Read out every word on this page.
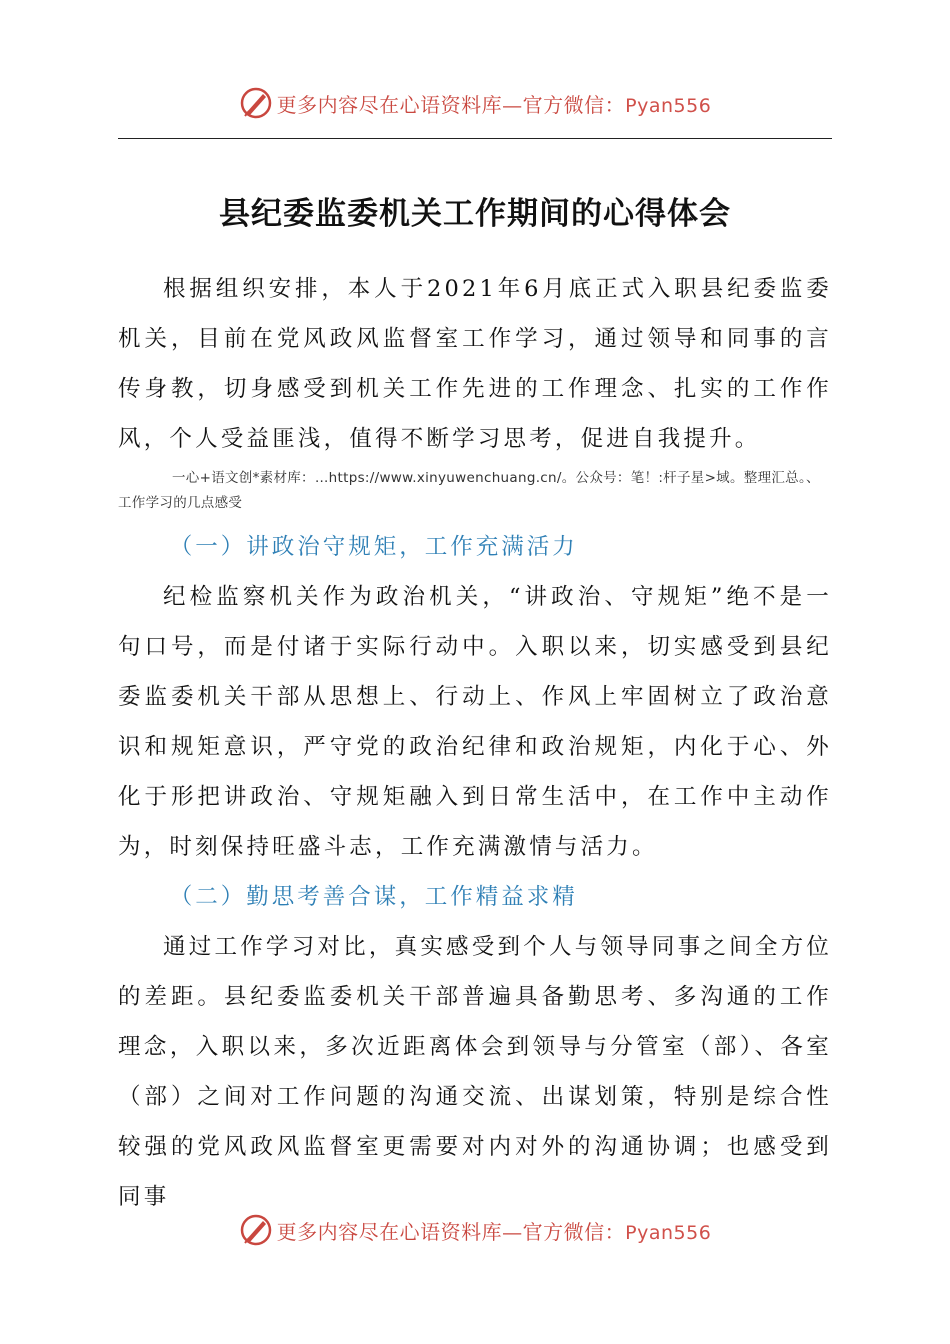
更多内容尽在心语资料库—官方微信：Pyan556
县纪委监委机关工作期间的心得体会

根据组织安排，本人于2021年6月底正式入职县纪委监委机关，目前在党风政风监督室工作学习，通过领导和同事的言传身教，切身感受到机关工作先进的工作理念、扎实的工作作风，个人受益匪浅，值得不断学习思考，促进自我提升。

一心+语文创*素材库：…https://www.xinyuwenchuang.cn/。公众号：笔！:杆子星>域。整理汇总。、工作学习的几点感受

（一）讲政治守规矩，工作充满活力

纪检监察机关作为政治机关，“讲政治、守规矩”绝不是一句口号，而是付诸于实际行动中。入职以来，切实感受到县纪委监委机关干部从思想上、行动上、作风上牢固树立了政治意识和规矩意识，严守党的政治纪律和政治规矩，内化于心、外化于形把讲政治、守规矩融入到日常生活中，在工作中主动作为，时刻保持旺盛斗志，工作充满激情与活力。

（二）勤思考善合谋，工作精益求精

通过工作学习对比，真实感受到个人与领导同事之间全方位的差距。县纪委监委机关干部普遍具备勤思考、多沟通的工作理念，入职以来，多次近距离体会到领导与分管室（部）、各室（部）之间对工作问题的沟通交流、出谋划策，特别是综合性较强的党风政风监督室更需要对内对外的沟通协调；也感受到同事

更多内容尽在心语资料库—官方微信：Pyan556
